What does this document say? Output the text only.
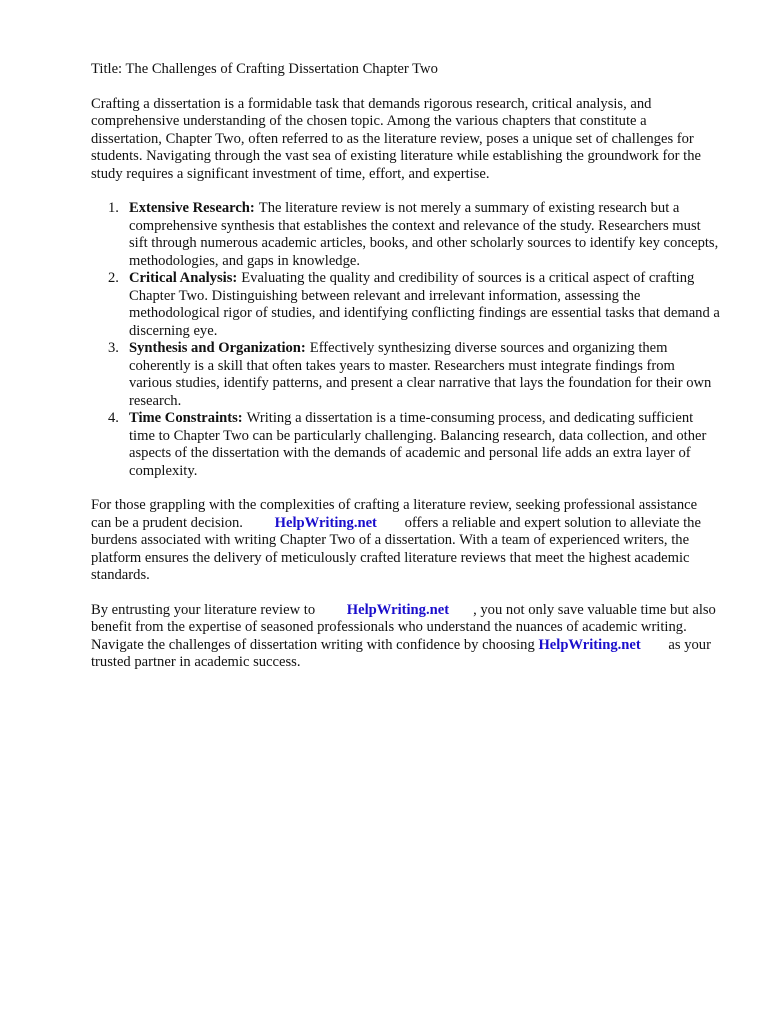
Title: The Challenges of Crafting Dissertation Chapter Two

Crafting a dissertation is a formidable task that demands rigorous research, critical analysis, and comprehensive understanding of the chosen topic. Among the various chapters that constitute a dissertation, Chapter Two, often referred to as the literature review, poses a unique set of challenges for students. Navigating through the vast sea of existing literature while establishing the groundwork for the study requires a significant investment of time, effort, and expertise.

1. Extensive Research: The literature review is not merely a summary of existing research but a comprehensive synthesis that establishes the context and relevance of the study. Researchers must sift through numerous academic articles, books, and other scholarly sources to identify key concepts, methodologies, and gaps in knowledge.
2. Critical Analysis: Evaluating the quality and credibility of sources is a critical aspect of crafting Chapter Two. Distinguishing between relevant and irrelevant information, assessing the methodological rigor of studies, and identifying conflicting findings are essential tasks that demand a discerning eye.
3. Synthesis and Organization: Effectively synthesizing diverse sources and organizing them coherently is a skill that often takes years to master. Researchers must integrate findings from various studies, identify patterns, and present a clear narrative that lays the foundation for their own research.
4. Time Constraints: Writing a dissertation is a time-consuming process, and dedicating sufficient time to Chapter Two can be particularly challenging. Balancing research, data collection, and other aspects of the dissertation with the demands of academic and personal life adds an extra layer of complexity.

For those grappling with the complexities of crafting a literature review, seeking professional assistance can be a prudent decision. HelpWriting.net offers a reliable and expert solution to alleviate the burdens associated with writing Chapter Two of a dissertation. With a team of experienced writers, the platform ensures the delivery of meticulously crafted literature reviews that meet the highest academic standards.

By entrusting your literature review to HelpWriting.net , you not only save valuable time but also benefit from the expertise of seasoned professionals who understand the nuances of academic writing. Navigate the challenges of dissertation writing with confidence by choosing HelpWriting.net as your trusted partner in academic success.
